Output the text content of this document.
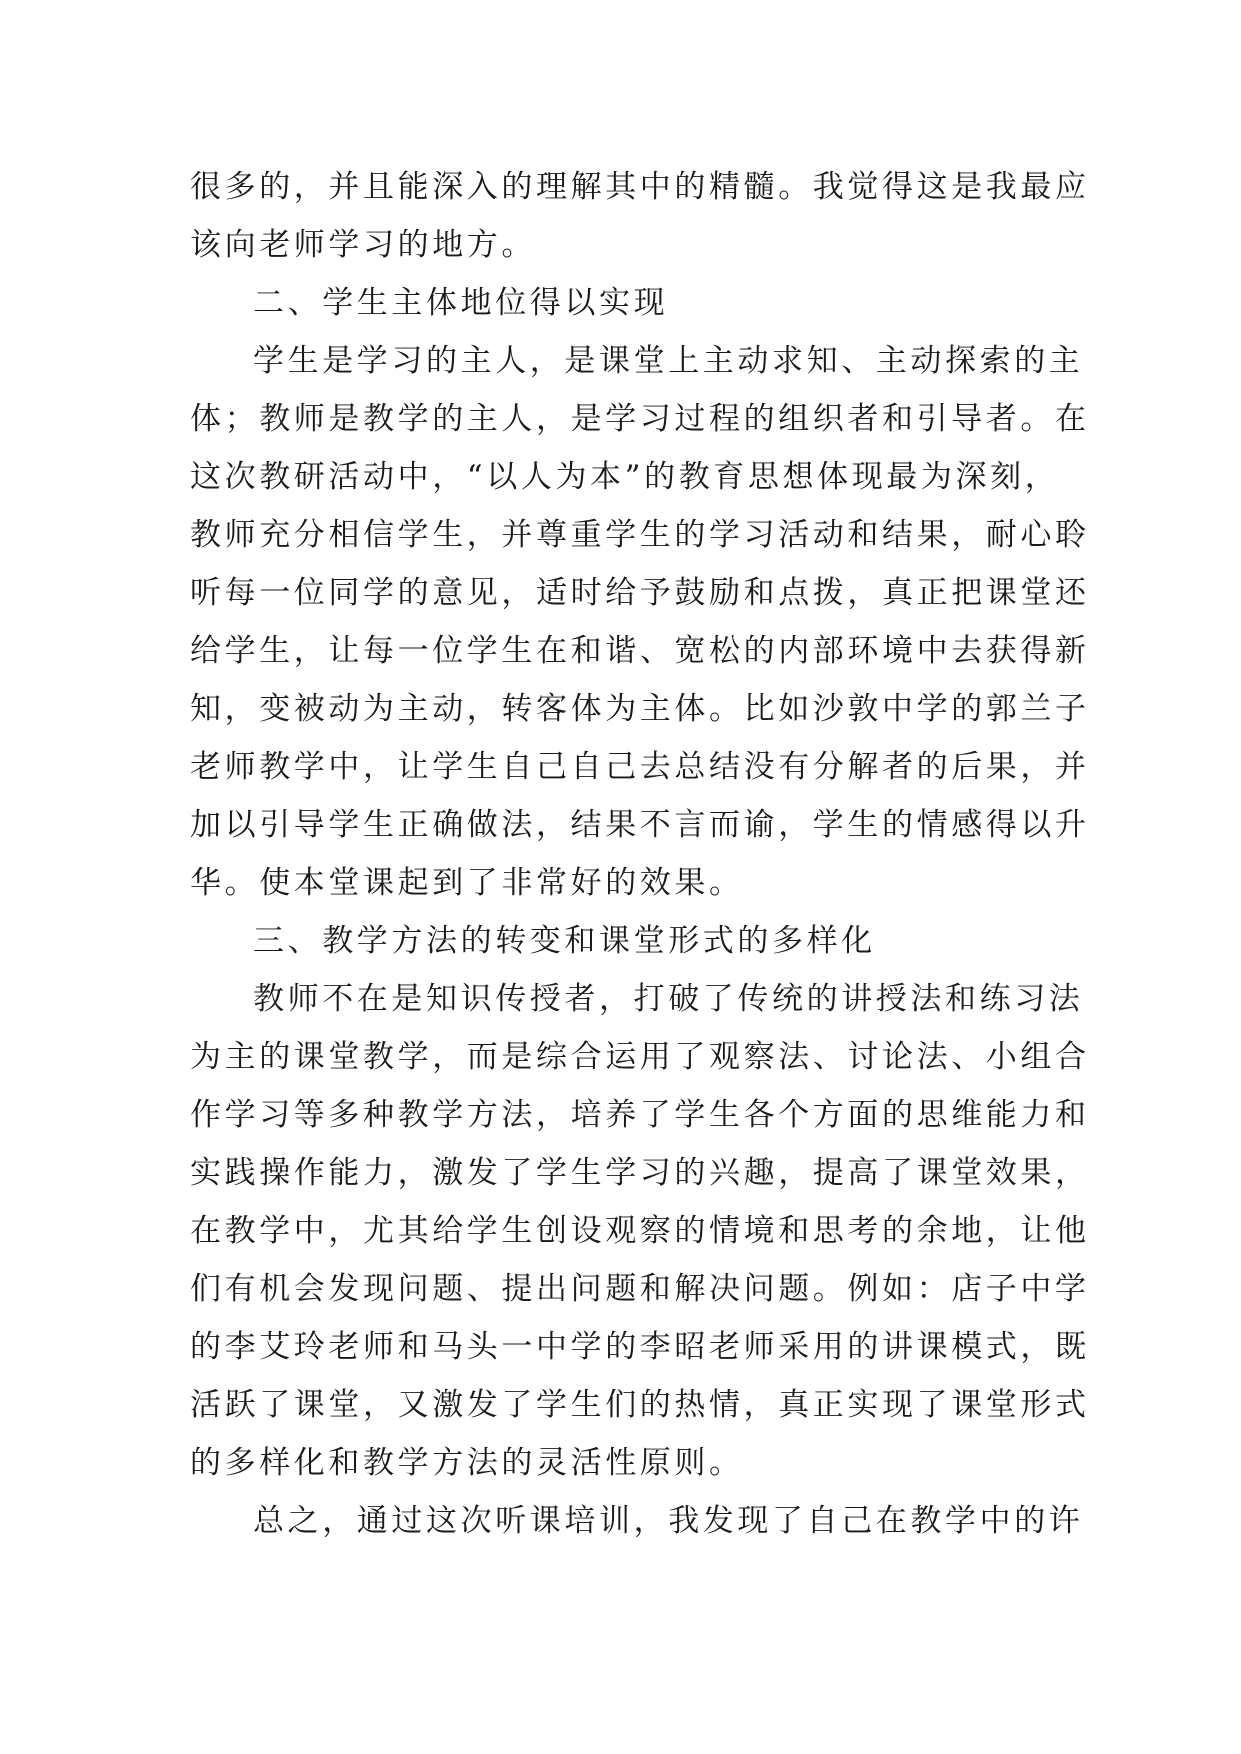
很多的，并且能深入的理解其中的精髓。我觉得这是我最应
该向老师学习的地方。
二、学生主体地位得以实现
学生是学习的主人，是课堂上主动求知、主动探索的主
体；教师是教学的主人，是学习过程的组织者和引导者。在
这次教研活动中，“以人为本”的教育思想体现最为深刻，
教师充分相信学生，并尊重学生的学习活动和结果，耐心聆
听每一位同学的意见，适时给予鼓励和点拨，真正把课堂还
给学生，让每一位学生在和谐、宽松的内部环境中去获得新
知，变被动为主动，转客体为主体。比如沙敦中学的郭兰子
老师教学中，让学生自己自己去总结没有分解者的后果，并
加以引导学生正确做法，结果不言而谕，学生的情感得以升
华。使本堂课起到了非常好的效果。
三、教学方法的转变和课堂形式的多样化
教师不在是知识传授者，打破了传统的讲授法和练习法
为主的课堂教学，而是综合运用了观察法、讨论法、小组合
作学习等多种教学方法，培养了学生各个方面的思维能力和
实践操作能力，激发了学生学习的兴趣，提高了课堂效果，
在教学中，尤其给学生创设观察的情境和思考的余地，让他
们有机会发现问题、提出问题和解决问题。例如：店子中学
的李艾玲老师和马头一中学的李昭老师采用的讲课模式，既
活跃了课堂，又激发了学生们的热情，真正实现了课堂形式
的多样化和教学方法的灵活性原则。
总之，通过这次听课培训，我发现了自己在教学中的许
